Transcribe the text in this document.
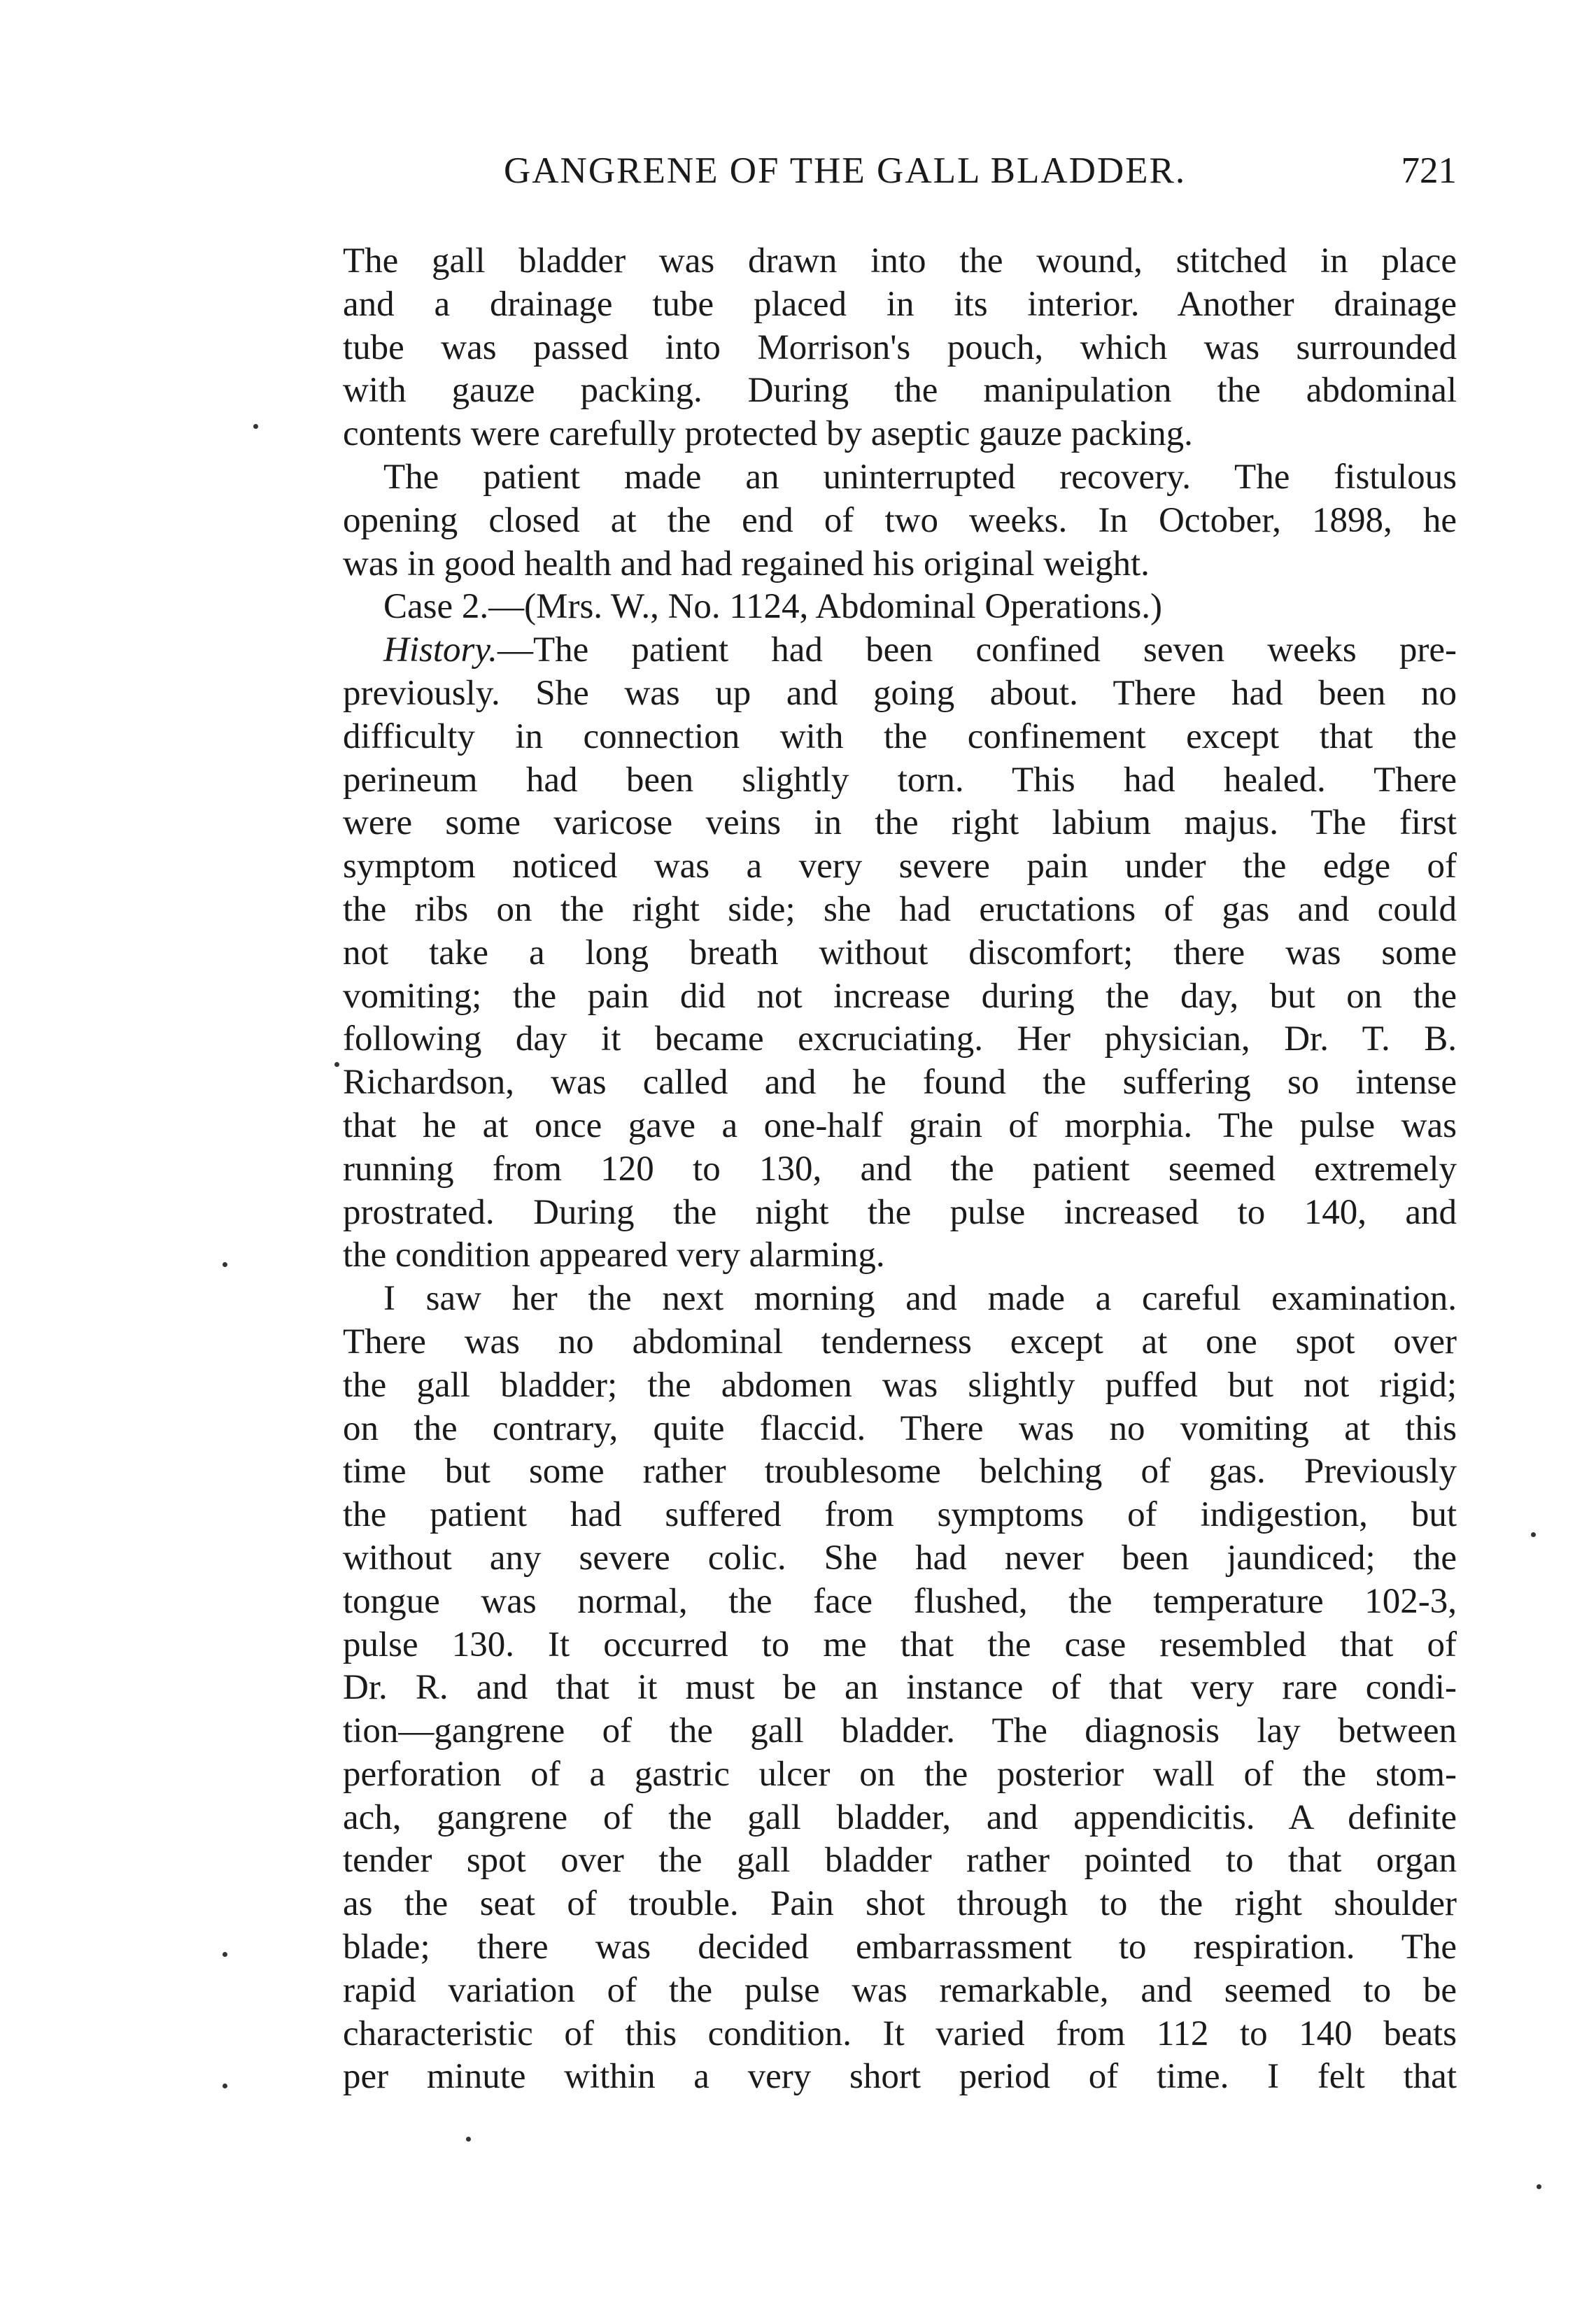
GANGRENE OF THE GALL BLADDER.	721
The gall bladder was drawn into the wound, stitched in place
and a drainage tube placed in its interior. Another drainage
tube was passed into Morrison's pouch, which was surrounded
with gauze packing. During the manipulation the abdominal
contents were carefully protected by aseptic gauze packing.
The patient made an uninterrupted recovery. The fistulous
opening closed at the end of two weeks. In October, 1898, he
was in good health and had regained his original weight.
Case 2.—(Mrs. W., No. 1124, Abdominal Operations.)
History.—The patient had been confined seven weeks pre-
previously. She was up and going about. There had been no
difficulty in connection with the confinement except that the
perineum had been slightly torn. This had healed. There
were some varicose veins in the right labium majus. The first
symptom noticed was a very severe pain under the edge of
the ribs on the right side; she had eructations of gas and could
not take a long breath without discomfort; there was some
vomiting; the pain did not increase during the day, but on the
following day it became excruciating. Her physician, Dr. T. B.
Richardson, was called and he found the suffering so intense
that he at once gave a one-half grain of morphia. The pulse was
running from 120 to 130, and the patient seemed extremely
prostrated. During the night the pulse increased to 140, and
the condition appeared very alarming.
I saw her the next morning and made a careful examination.
There was no abdominal tenderness except at one spot over
the gall bladder; the abdomen was slightly puffed but not rigid;
on the contrary, quite flaccid. There was no vomiting at this
time but some rather troublesome belching of gas. Previously
the patient had suffered from symptoms of indigestion, but
without any severe colic. She had never been jaundiced; the
tongue was normal, the face flushed, the temperature 102-3,
pulse 130. It occurred to me that the case resembled that of
Dr. R. and that it must be an instance of that very rare condi-
tion—gangrene of the gall bladder. The diagnosis lay between
perforation of a gastric ulcer on the posterior wall of the stom-
ach, gangrene of the gall bladder, and appendicitis. A definite
tender spot over the gall bladder rather pointed to that organ
as the seat of trouble. Pain shot through to the right shoulder
blade; there was decided embarrassment to respiration. The
rapid variation of the pulse was remarkable, and seemed to be
characteristic of this condition. It varied from 112 to 140 beats
per minute within a very short period of time. I felt that
